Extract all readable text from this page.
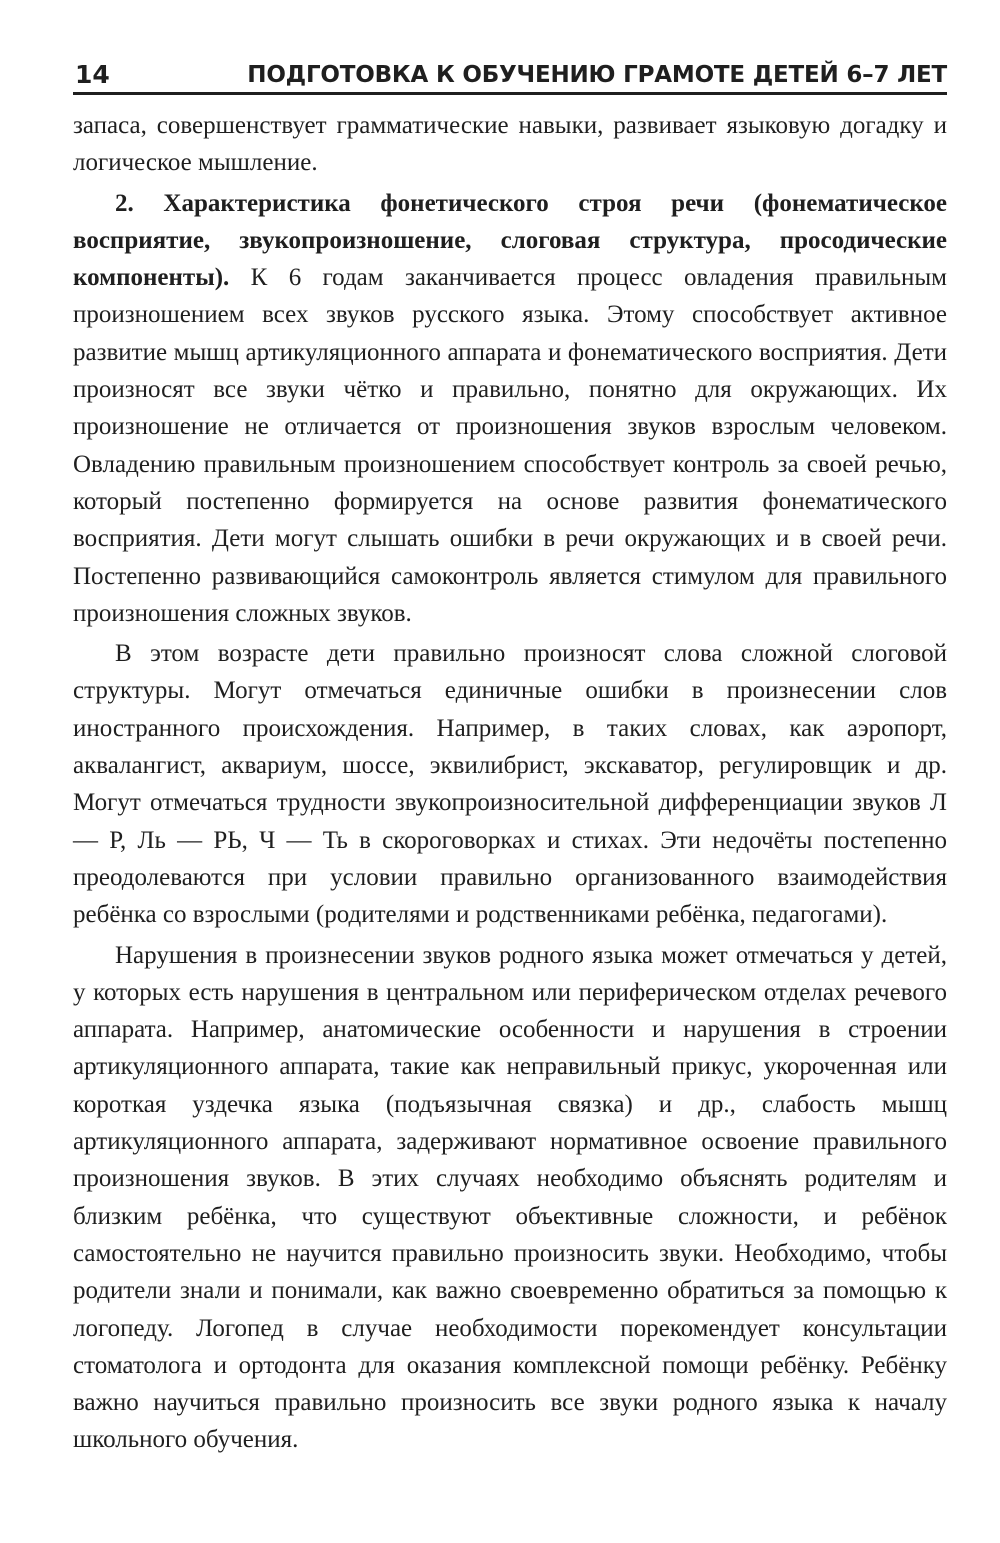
14	ПОДГОТОВКА К ОБУЧЕНИЮ ГРАМОТЕ ДЕТЕЙ 6–7 ЛЕТ

запаса, совершенствует грамматические навыки, развивает языковую догадку и логическое мышление.

2. Характеристика фонетического строя речи (фонематическое восприятие, звукопроизношение, слоговая структура, просодические компоненты). К 6 годам заканчивается процесс овладения правильным произношением всех звуков русского языка. Этому способствует активное развитие мышц артикуляционного аппарата и фонематического восприятия. Дети произносят все звуки чётко и правильно, понятно для окружающих. Их произношение не отличается от произношения звуков взрослым человеком. Овладению правильным произношением способствует контроль за своей речью, который постепенно формируется на основе развития фонематического восприятия. Дети могут слышать ошибки в речи окружающих и в своей речи. Постепенно развивающийся самоконтроль является стимулом для правильного произношения сложных звуков.

В этом возрасте дети правильно произносят слова сложной слоговой структуры. Могут отмечаться единичные ошибки в произнесении слов иностранного происхождения. Например, в таких словах, как аэропорт, аквалангист, аквариум, шоссе, эквилибрист, экскаватор, регулировщик и др. Могут отмечаться трудности звукопроизносительной дифференциации звуков Л — Р, Ль — РЬ, Ч — Ть в скороговорках и стихах. Эти недочёты постепенно преодолеваются при условии правильно организованного взаимодействия ребёнка со взрослыми (родителями и родственниками ребёнка, педагогами).

Нарушения в произнесении звуков родного языка может отмечаться у детей, у которых есть нарушения в центральном или периферическом отделах речевого аппарата. Например, анатомические особенности и нарушения в строении артикуляционного аппарата, такие как неправильный прикус, укороченная или короткая уздечка языка (подъязычная связка) и др., слабость мышц артикуляционного аппарата, задерживают нормативное освоение правильного произношения звуков. В этих случаях необходимо объяснять родителям и близким ребёнка, что существуют объективные сложности, и ребёнок самостоятельно не научится правильно произносить звуки. Необходимо, чтобы родители знали и понимали, как важно своевременно обратиться за помощью к логопеду. Логопед в случае необходимости порекомендует консультации стоматолога и ортодонта для оказания комплексной помощи ребёнку. Ребёнку важно научиться правильно произносить все звуки родного языка к началу школьного обучения.
